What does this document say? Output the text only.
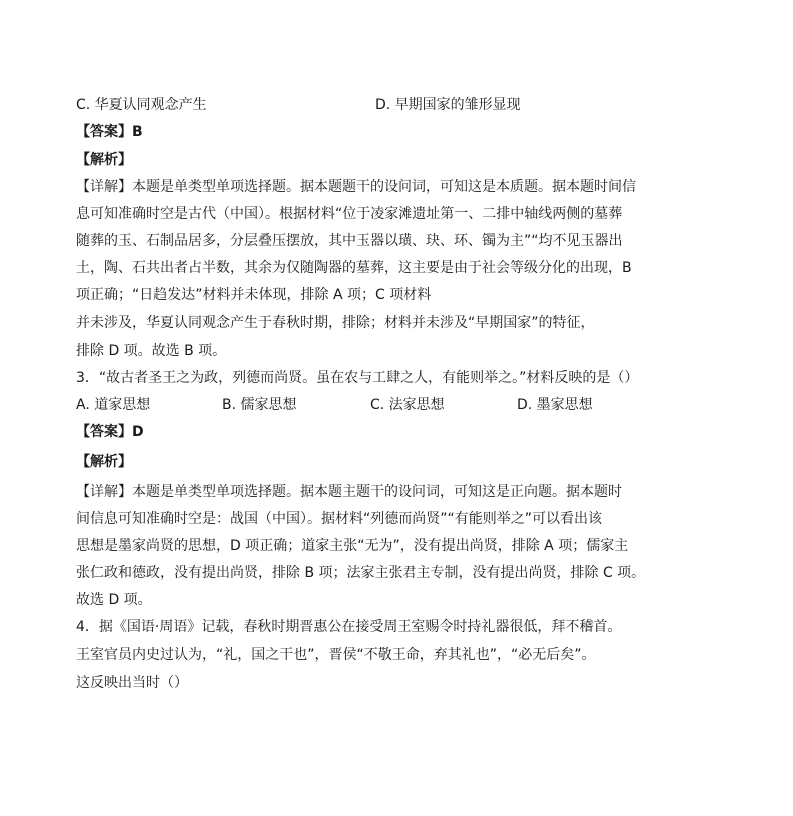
C. 华夏认同观念产生	D. 早期国家的雏形显现
【答案】B
【解析】
【详解】本题是单类型单项选择题。据本题题干的设问词，可知这是本质题。据本题时间信
息可知准确时空是古代（中国）。根据材料“位于凌家滩遗址第一、二排中轴线两侧的墓葬
随葬的玉、石制品居多，分层叠压摆放，其中玉器以璜、玦、环、镯为主”“均不见玉器出
土，陶、石共出者占半数，其余为仅随陶器的墓葬，这主要是由于社会等级分化的出现，B
项正确；“日趋发达”材料并未体现，排除 A 项；C 项材料
并未涉及，华夏认同观念产生于春秋时期，排除；材料并未涉及“早期国家”的特征，
排除 D 项。故选 B 项。
3．“故古者圣王之为政，列德而尚贤。虽在农与工肆之人，有能则举之。”材料反映的是（）
A. 道家思想	B. 儒家思想	C. 法家思想	D. 墨家思想
【答案】D
【解析】
【详解】本题是单类型单项选择题。据本题主题干的设问词，可知这是正向题。据本题时
间信息可知准确时空是：战国（中国）。据材料“列德而尚贤”“有能则举之”可以看出该
思想是墨家尚贤的思想，D 项正确；道家主张“无为”，没有提出尚贤，排除 A 项；儒家主
张仁政和德政，没有提出尚贤，排除 B 项；法家主张君主专制，没有提出尚贤，排除 C 项。
故选 D 项。
4．据《国语·周语》记载，春秋时期晋惠公在接受周王室赐令时持礼器很低，拜不稽首。
王室官员内史过认为，“礼，国之干也”，晋侯“不敬王命，弃其礼也”，“必无后矣”。
这反映出当时（）
